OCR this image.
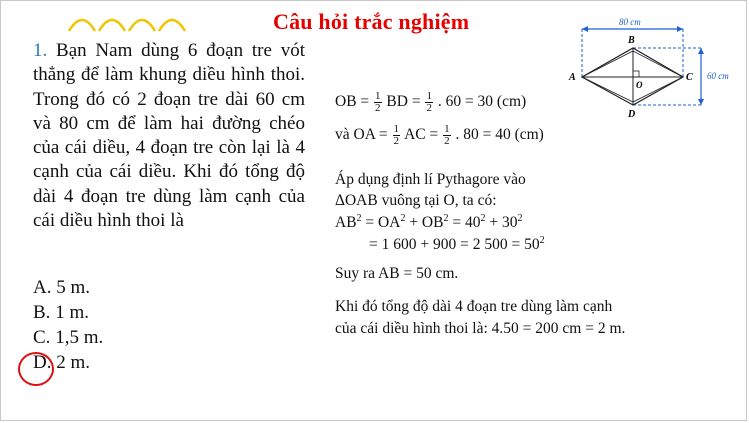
Câu hỏi trắc nghiệm
1. Bạn Nam dùng 6 đoạn tre vót thẳng để làm khung diều hình thoi. Trong đó có 2 đoạn tre dài 60 cm và 80 cm để làm hai đường chéo của cái diều, 4 đoạn tre còn lại là 4 cạnh của cái diều. Khi đó tổng độ dài 4 đoạn tre dùng làm cạnh của cái diều hình thoi là
A. 5 m.
B. 1 m.
C. 1,5 m.
D. 2 m.
OB = $\frac{1}{2}$ BD = $\frac{1}{2}$ . 60 = 30 (cm)
và OA = $\frac{1}{2}$ AC = $\frac{1}{2}$ . 80 = 40 (cm)
Áp dụng định lí Pythagore vào
ΔOAB vuông tại O, ta có:
$AB^2 = OA^2 + OB^2 = 40^2 + 30^2$
= 1 600 + 900 = 2 $500 = 50^2$
Suy ra AB = 50 cm.
Khi đó tổng độ dài 4 đoạn tre dùng làm cạnh
của cái diều hình thoi là: 4.50 = 200 cm = 2 m.
80 cm
60 cm
B
A	C
D
O
